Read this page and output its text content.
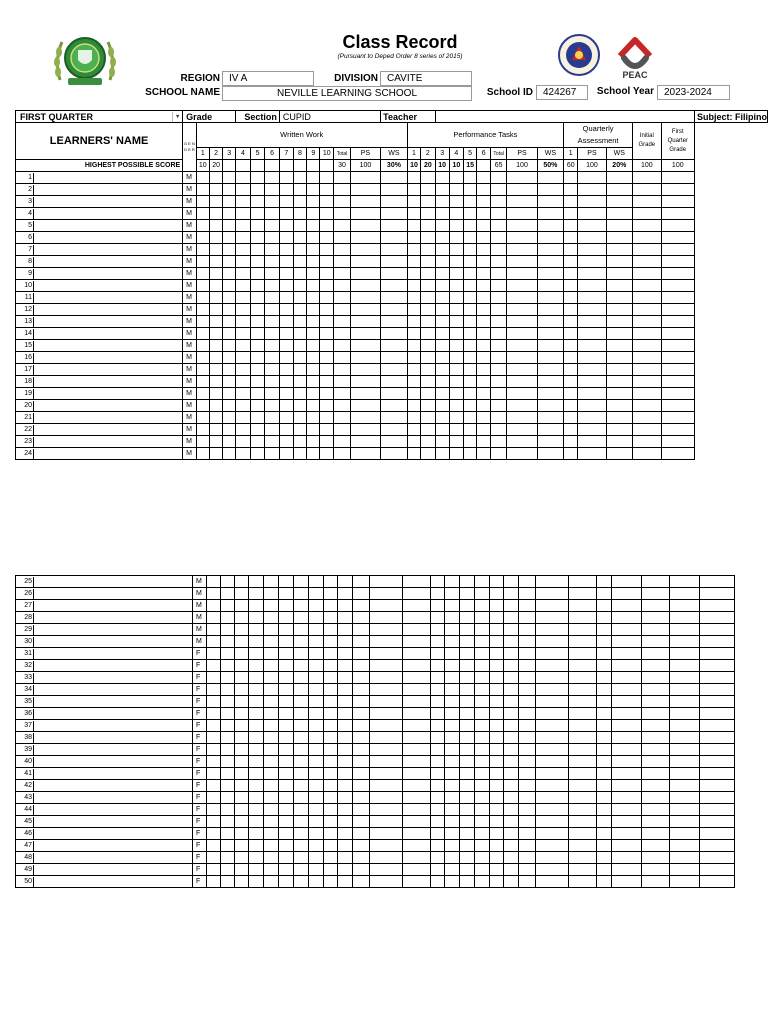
Class Record
(Pursuant to Deped Order 8 series of 2015)
PEAC
REGION IV A	DIVISION CAVITE
SCHOOL NAME	NEVILLE LEARNING SCHOOL	School ID	424267	School Year	2023-2024
FIRST QUARTER ▾	Grade				Section			CUPID						Teacher															Subject: Filipino
LEARNERS' NAME	G E N D E R	Written Work													Performance Tasks									Quarterly Assessment			Initial Grade	First Quarter Grade	
		1	2	3	4	5	6	7	8	9	10	Total	PS	WS	1	2	3	4	5	6	Total	PS	WS	1	PS	WS			
HIGHEST POSSIBLE SCORE		10	20									30	100	30%	10	20	10	10	15		65	100	50%	60	100	20%	100	100	
1	M																												
2	M																												
3	M																												
4	M																												
5	M																												
6	M																												
7	M																												
8	M																												
9	M																												
10	M																												
11	M																												
12	M																												
13	M																												
14	M																												
15	M																												
16	M																												
17	M																												
18	M																												
19	M																												
20	M																												
21	M																												
22	M																												
23	M																												
24	M																												
25	M																											
26	M																											
27	M																											
28	M																											
29	M																											
30	M																											
31	F																											
32	F																											
33	F																											
34	F																											
35	F																											
36	F																											
37	F																											
38	F																											
39	F																											
40	F																											
41	F																											
42	F																											
43	F																											
44	F																											
45	F																											
46	F																											
47	F																											
48	F																											
49	F																											
50	F																											
